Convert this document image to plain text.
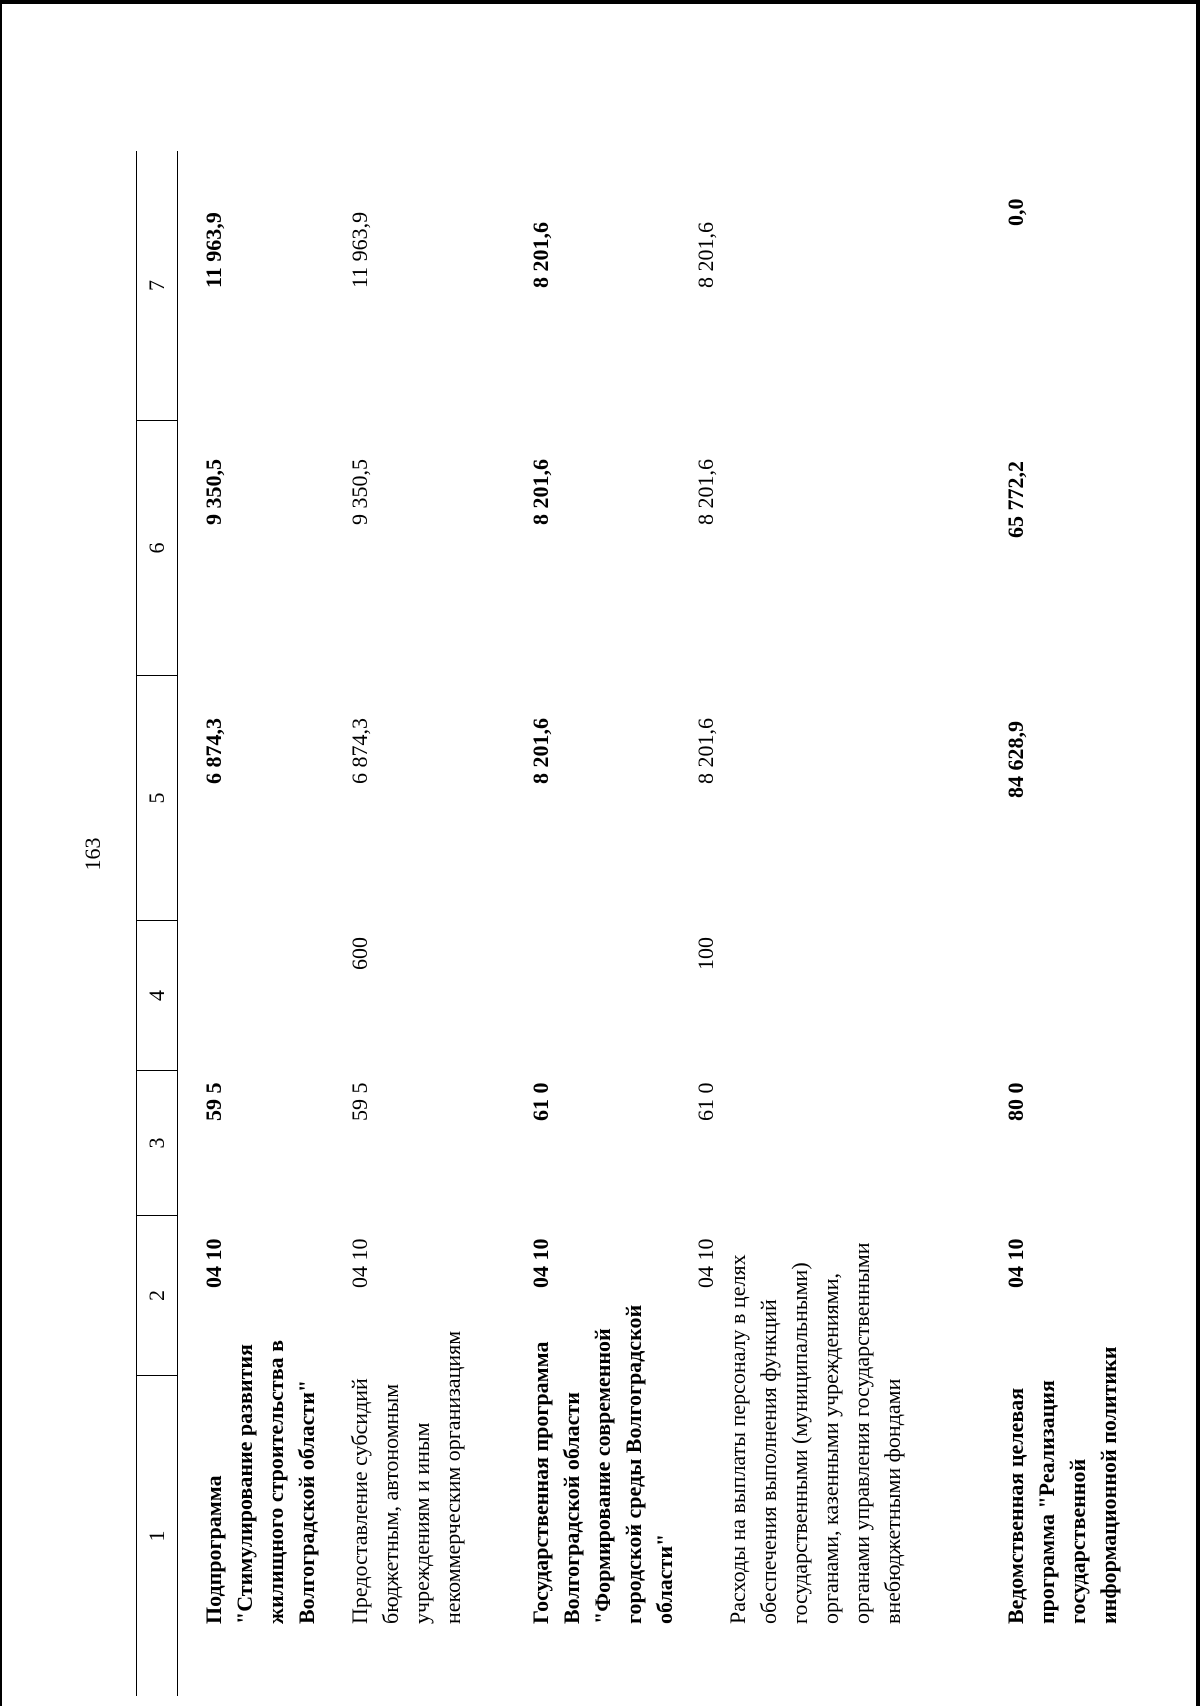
163
1
2
3
4
5
6
7
Подпрограмма "Стимулирование развития жилищного строительства в Волгоградской области"
04 10
59 5
6 874,3
9 350,5
11 963,9
Предоставление субсидий бюджетным, автономным учреждениям и иным некоммерческим организациям
04 10
59 5
600
6 874,3
9 350,5
11 963,9
Государственная программа Волгоградской области "Формирование современной городской среды Волгоградской области"
04 10
61 0
8 201,6
8 201,6
8 201,6
Расходы на выплаты персоналу в целях обеспечения выполнения функций государственными (муниципальными) органами, казенными учреждениями, органами управления государственными внебюджетными фондами
04 10
61 0
100
8 201,6
8 201,6
8 201,6
Ведомственная целевая программа "Реализация государственной информационной политики
04 10
80 0
84 628,9
65 772,2
0,0
